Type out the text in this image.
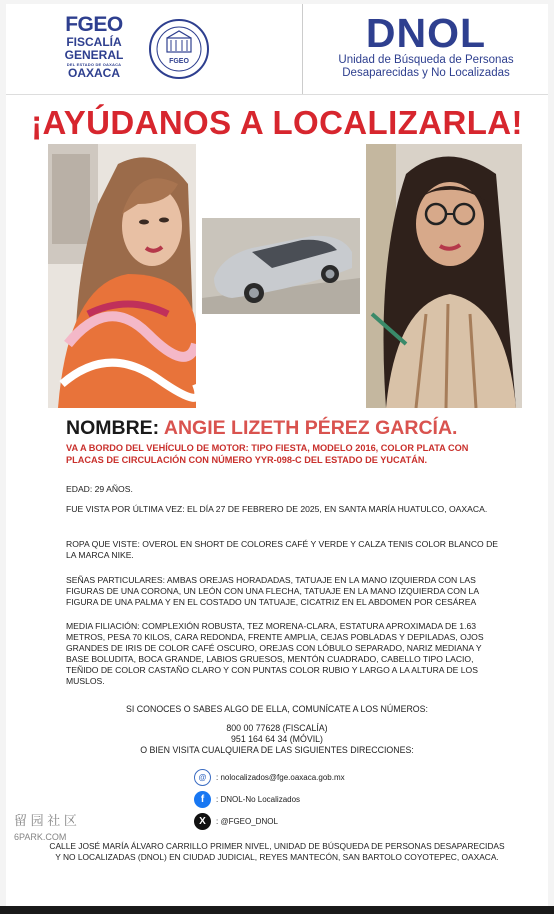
FGEO
FISCALÍA
GENERAL
DEL ESTADO DE OAXACA
OAXACA
FGEO
DNOL
Unidad de Búsqueda de Personas
Desaparecidas y No Localizadas
¡AYÚDANOS A LOCALIZARLA!
NOMBRE: ANGIE LIZETH PÉREZ GARCÍA.
VA A BORDO DEL VEHÍCULO DE MOTOR: TIPO FIESTA, MODELO 2016, COLOR PLATA CON PLACAS DE CIRCULACIÓN CON NÚMERO YYR-098-C DEL ESTADO DE YUCATÁN.
EDAD: 29 AÑOS.
FUE VISTA POR ÚLTIMA VEZ: EL DÍA 27 DE FEBRERO DE 2025, EN SANTA MARÍA HUATULCO, OAXACA.
ROPA QUE VISTE: OVEROL EN SHORT DE COLORES CAFÉ Y VERDE Y CALZA TENIS COLOR BLANCO DE LA MARCA NIKE.
SEÑAS PARTICULARES: AMBAS OREJAS HORADADAS, TATUAJE EN LA MANO IZQUIERDA CON LAS FIGURAS DE UNA CORONA, UN LEÓN CON UNA FLECHA, TATUAJE EN LA MANO IZQUIERDA CON LA FIGURA DE UNA PALMA Y EN EL COSTADO UN TATUAJE, CICATRIZ EN EL ABDOMEN POR CESÁREA
MEDIA FILIACIÓN: COMPLEXIÓN ROBUSTA, TEZ MORENA-CLARA, ESTATURA APROXIMADA DE 1.63 METROS, PESA 70 KILOS, CARA REDONDA, FRENTE AMPLIA, CEJAS POBLADAS Y DEPILADAS, OJOS GRANDES DE IRIS DE COLOR CAFÉ OSCURO, OREJAS CON LÓBULO SEPARADO, NARIZ MEDIANA Y BASE BOLUDITA, BOCA GRANDE, LABIOS GRUESOS, MENTÓN CUADRADO, CABELLO TIPO LACIO, TEÑIDO DE COLOR CASTAÑO CLARO Y CON PUNTAS COLOR RUBIO Y LARGO A LA ALTURA DE LOS MUSLOS.
SI CONOCES O SABES ALGO DE ELLA, COMUNÍCATE A LOS NÚMEROS:
800 00 77628 (FISCALÍA)
951 164 64 34 (MÓVIL)
O BIEN VISITA CUALQUIERA DE LAS SIGUIENTES DIRECCIONES:
@	: nolocalizados@fge.oaxaca.gob.mx
f	: DNOL-No Localizados
X	: @FGEO_DNOL
CALLE JOSÉ MARÍA ÁLVARO CARRILLO PRIMER NIVEL, UNIDAD DE BÚSQUEDA DE PERSONAS DESAPARECIDAS Y NO LOCALIZADAS (DNOL) EN CIUDAD JUDICIAL, REYES MANTECÓN, SAN BARTOLO COYOTEPEC, OAXACA.
留 园 社 区
6PARK.COM
